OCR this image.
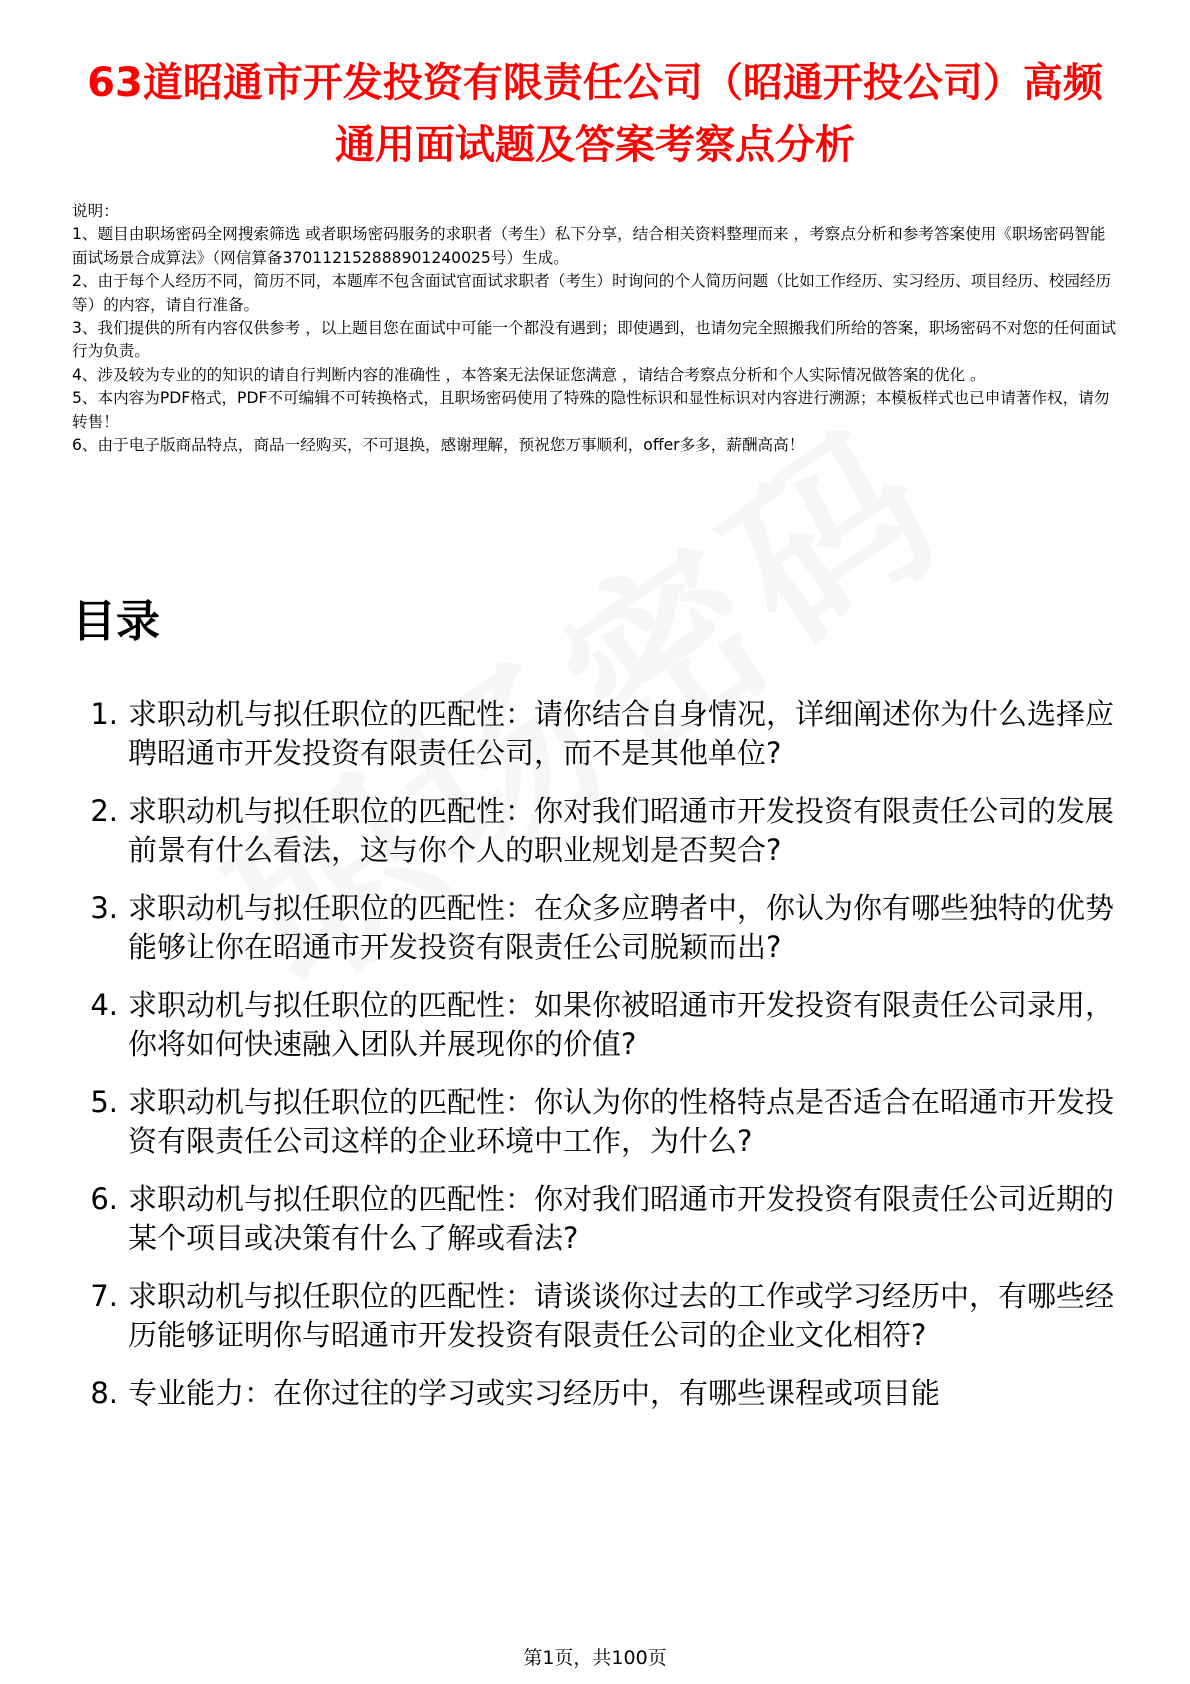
63道昭通市开发投资有限责任公司（昭通开投公司）高频通用面试题及答案考察点分析

说明：

1、题目由职场密码全网搜索筛选 或者职场密码服务的求职者（考生）私下分享，结合相关资料整理而来 ，考察点分析和参考答案使用《职场密码智能面试场景合成算法》（网信算备370112152888901240025号）生成。

2、由于每个人经历不同，简历不同，本题库不包含面试官面试求职者（考生）时询问的个人简历问题（比如工作经历、实习经历、项目经历、校园经历等）的内容，请自行准备。

3、我们提供的所有内容仅供参考 ，以上题目您在面试中可能一个都没有遇到；即使遇到，也请勿完全照搬我们所给的答案，职场密码不对您的任何面试行为负责。

4、涉及较为专业的的知识的请自行判断内容的准确性 ，本答案无法保证您满意 ，请结合考察点分析和个人实际情况做答案的优化 。

5、本内容为PDF格式，PDF不可编辑不可转换格式，且职场密码使用了特殊的隐性标识和显性标识对内容进行溯源；本模板样式也已申请著作权，请勿转售！

6、由于电子版商品特点，商品一经购买，不可退换，感谢理解，预祝您万事顺利，offer多多，薪酬高高！

目录
1. 求职动机与拟任职位的匹配性：请你结合自身情况，详细阐述你为什么选择应聘昭通市开发投资有限责任公司，而不是其他单位?
2. 求职动机与拟任职位的匹配性：你对我们昭通市开发投资有限责任公司的发展前景有什么看法，这与你个人的职业规划是否契合?
3. 求职动机与拟任职位的匹配性：在众多应聘者中，你认为你有哪些独特的优势能够让你在昭通市开发投资有限责任公司脱颖而出?
4. 求职动机与拟任职位的匹配性：如果你被昭通市开发投资有限责任公司录用，你将如何快速融入团队并展现你的价值?
5. 求职动机与拟任职位的匹配性：你认为你的性格特点是否适合在昭通市开发投资有限责任公司这样的企业环境中工作，为什么?
6. 求职动机与拟任职位的匹配性：你对我们昭通市开发投资有限责任公司近期的某个项目或决策有什么了解或看法?
7. 求职动机与拟任职位的匹配性：请谈谈你过去的工作或学习经历中，有哪些经历能够证明你与昭通市开发投资有限责任公司的企业文化相符?
8. 专业能力：在你过往的学习或实习经历中，有哪些课程或项目能
第1页，共100页
